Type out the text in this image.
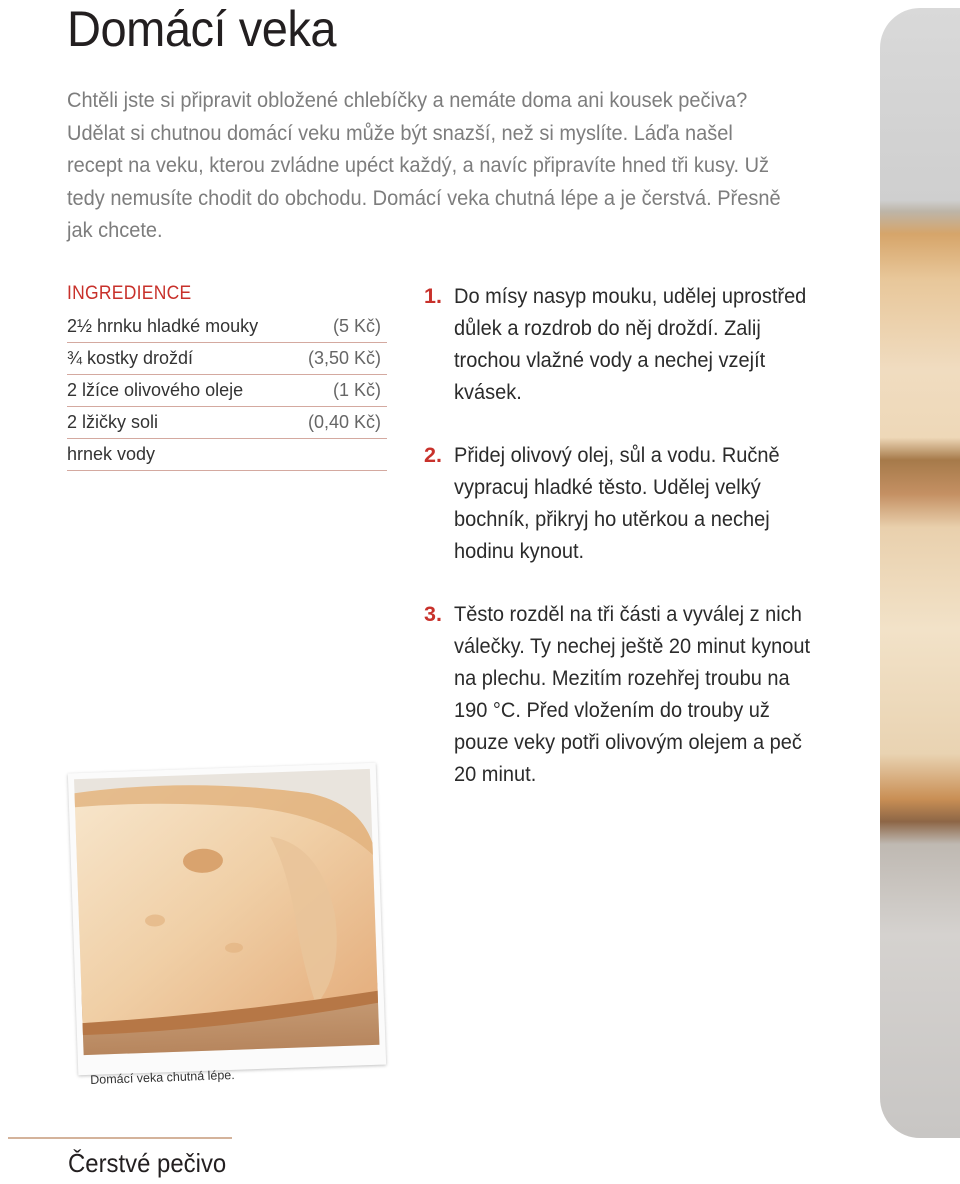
Domácí veka

Chtěli jste si připravit obložené chlebíčky a nemáte doma ani kousek pečiva? Udělat si chutnou domácí veku může být snazší, než si myslíte. Láďa našel recept na veku, kterou zvládne upéct každý, a navíc připravíte hned tři kusy. Už tedy nemusíte chodit do obchodu. Domácí veka chutná lépe a je čerstvá. Přesně jak chcete.

INGREDIENCE
2½ hrnku hladké mouky	(5 Kč)
¾ kostky droždí	(3,50 Kč)
2 lžíce olivového oleje	(1 Kč)
2 lžičky soli	(0,40 Kč)
hrnek vody
1. Do mísy nasyp mouku, udělej uprostřed důlek a rozdrob do něj droždí. Zalij trochou vlažné vody a nechej vzejít kvásek.
2. Přidej olivový olej, sůl a vodu. Ručně vypracuj hladké těsto. Udělej velký bochník, přikryj ho utěrkou a nechej hodinu kynout.
3. Těsto rozděl na tři části a vyválej z nich válečky. Ty nechej ještě 20 minut kynout na plechu. Mezitím rozehřej troubu na 190 °C. Před vložením do trouby už pouze veky potři olivovým olejem a peč 20 minut.
Domácí veka chutná lépe.
Čerstvé pečivo
